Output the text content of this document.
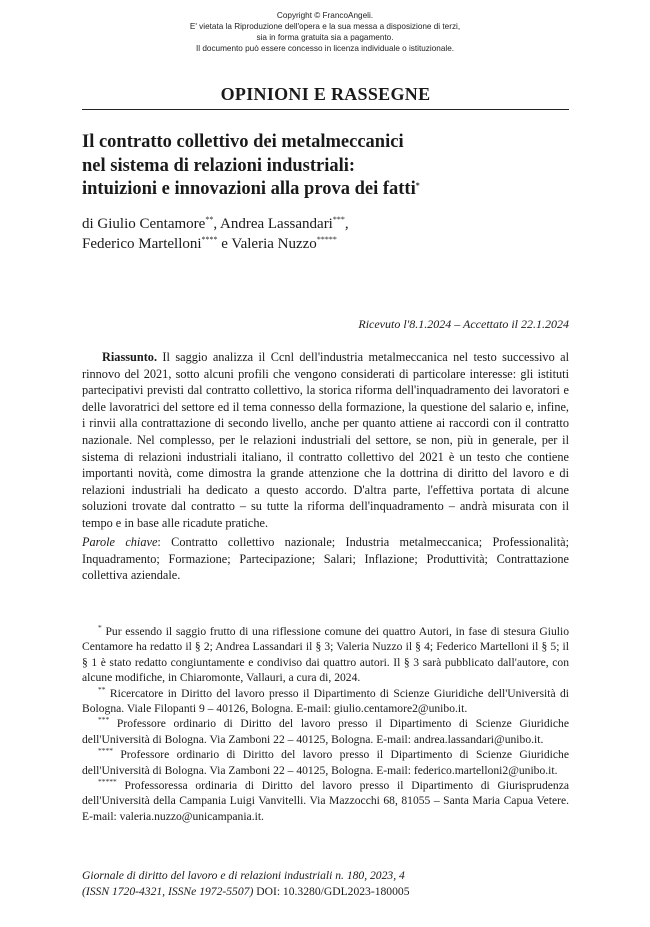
Copyright © FrancoAngeli.
E' vietata la Riproduzione dell'opera e la sua messa a disposizione di terzi,
sia in forma gratuita sia a pagamento.
Il documento può essere concesso in licenza individuale o istituzionale.
OPINIONI E RASSEGNE
Il contratto collettivo dei metalmeccanici
nel sistema di relazioni industriali:
intuizioni e innovazioni alla prova dei fatti*
di Giulio Centamore**, Andrea Lassandari***,
Federico Martelloni**** e Valeria Nuzzo*****
Ricevuto l'8.1.2024 – Accettato il 22.1.2024

Riassunto. Il saggio analizza il Ccnl dell'industria metalmeccanica nel testo successivo al rinnovo del 2021, sotto alcuni profili che vengono considerati di particolare interesse: gli istituti partecipativi previsti dal contratto collettivo, la storica riforma dell'inquadramento dei lavoratori e delle lavoratrici del settore ed il tema connesso della formazione, la questione del salario e, infine, i rinvii alla contrattazione di secondo livello, anche per quanto attiene ai raccordi con il contratto nazionale. Nel complesso, per le relazioni industriali del settore, se non, più in generale, per il sistema di relazioni industriali italiano, il contratto collettivo del 2021 è un testo che contiene importanti novità, come dimostra la grande attenzione che la dottrina di diritto del lavoro e di relazioni industriali ha dedicato a questo accordo. D'altra parte, l'effettiva portata di alcune soluzioni trovate dal contratto – su tutte la riforma dell'inquadramento – andrà misurata con il tempo e in base alle ricadute pratiche.

Parole chiave: Contratto collettivo nazionale; Industria metalmeccanica; Professionalità; Inquadramento; Formazione; Partecipazione; Salari; Inflazione; Produttività; Contrattazione collettiva aziendale.

* Pur essendo il saggio frutto di una riflessione comune dei quattro Autori, in fase di stesura Giulio Centamore ha redatto il § 2; Andrea Lassandari il § 3; Valeria Nuzzo il § 4; Federico Martelloni il § 5; il § 1 è stato redatto congiuntamente e condiviso dai quattro autori. Il § 3 sarà pubblicato dall'autore, con alcune modifiche, in Chiaromonte, Vallauri, a cura di, 2024.

** Ricercatore in Diritto del lavoro presso il Dipartimento di Scienze Giuridiche dell'Università di Bologna. Viale Filopanti 9 – 40126, Bologna. E-mail: giulio.centamore2@unibo.it.

*** Professore ordinario di Diritto del lavoro presso il Dipartimento di Scienze Giuridiche dell'Università di Bologna. Via Zamboni 22 – 40125, Bologna. E-mail: andrea.lassandari@unibo.it.

**** Professore ordinario di Diritto del lavoro presso il Dipartimento di Scienze Giuridiche dell'Università di Bologna. Via Zamboni 22 – 40125, Bologna. E-mail: federico.martelloni2@unibo.it.

***** Professoressa ordinaria di Diritto del lavoro presso il Dipartimento di Giurisprudenza dell'Università della Campania Luigi Vanvitelli. Via Mazzocchi 68, 81055 – Santa Maria Capua Vetere. E-mail: valeria.nuzzo@unicampania.it.

Giornale di diritto del lavoro e di relazioni industriali n. 180, 2023, 4
(ISSN 1720-4321, ISSNe 1972-5507) DOI: 10.3280/GDL2023-180005
